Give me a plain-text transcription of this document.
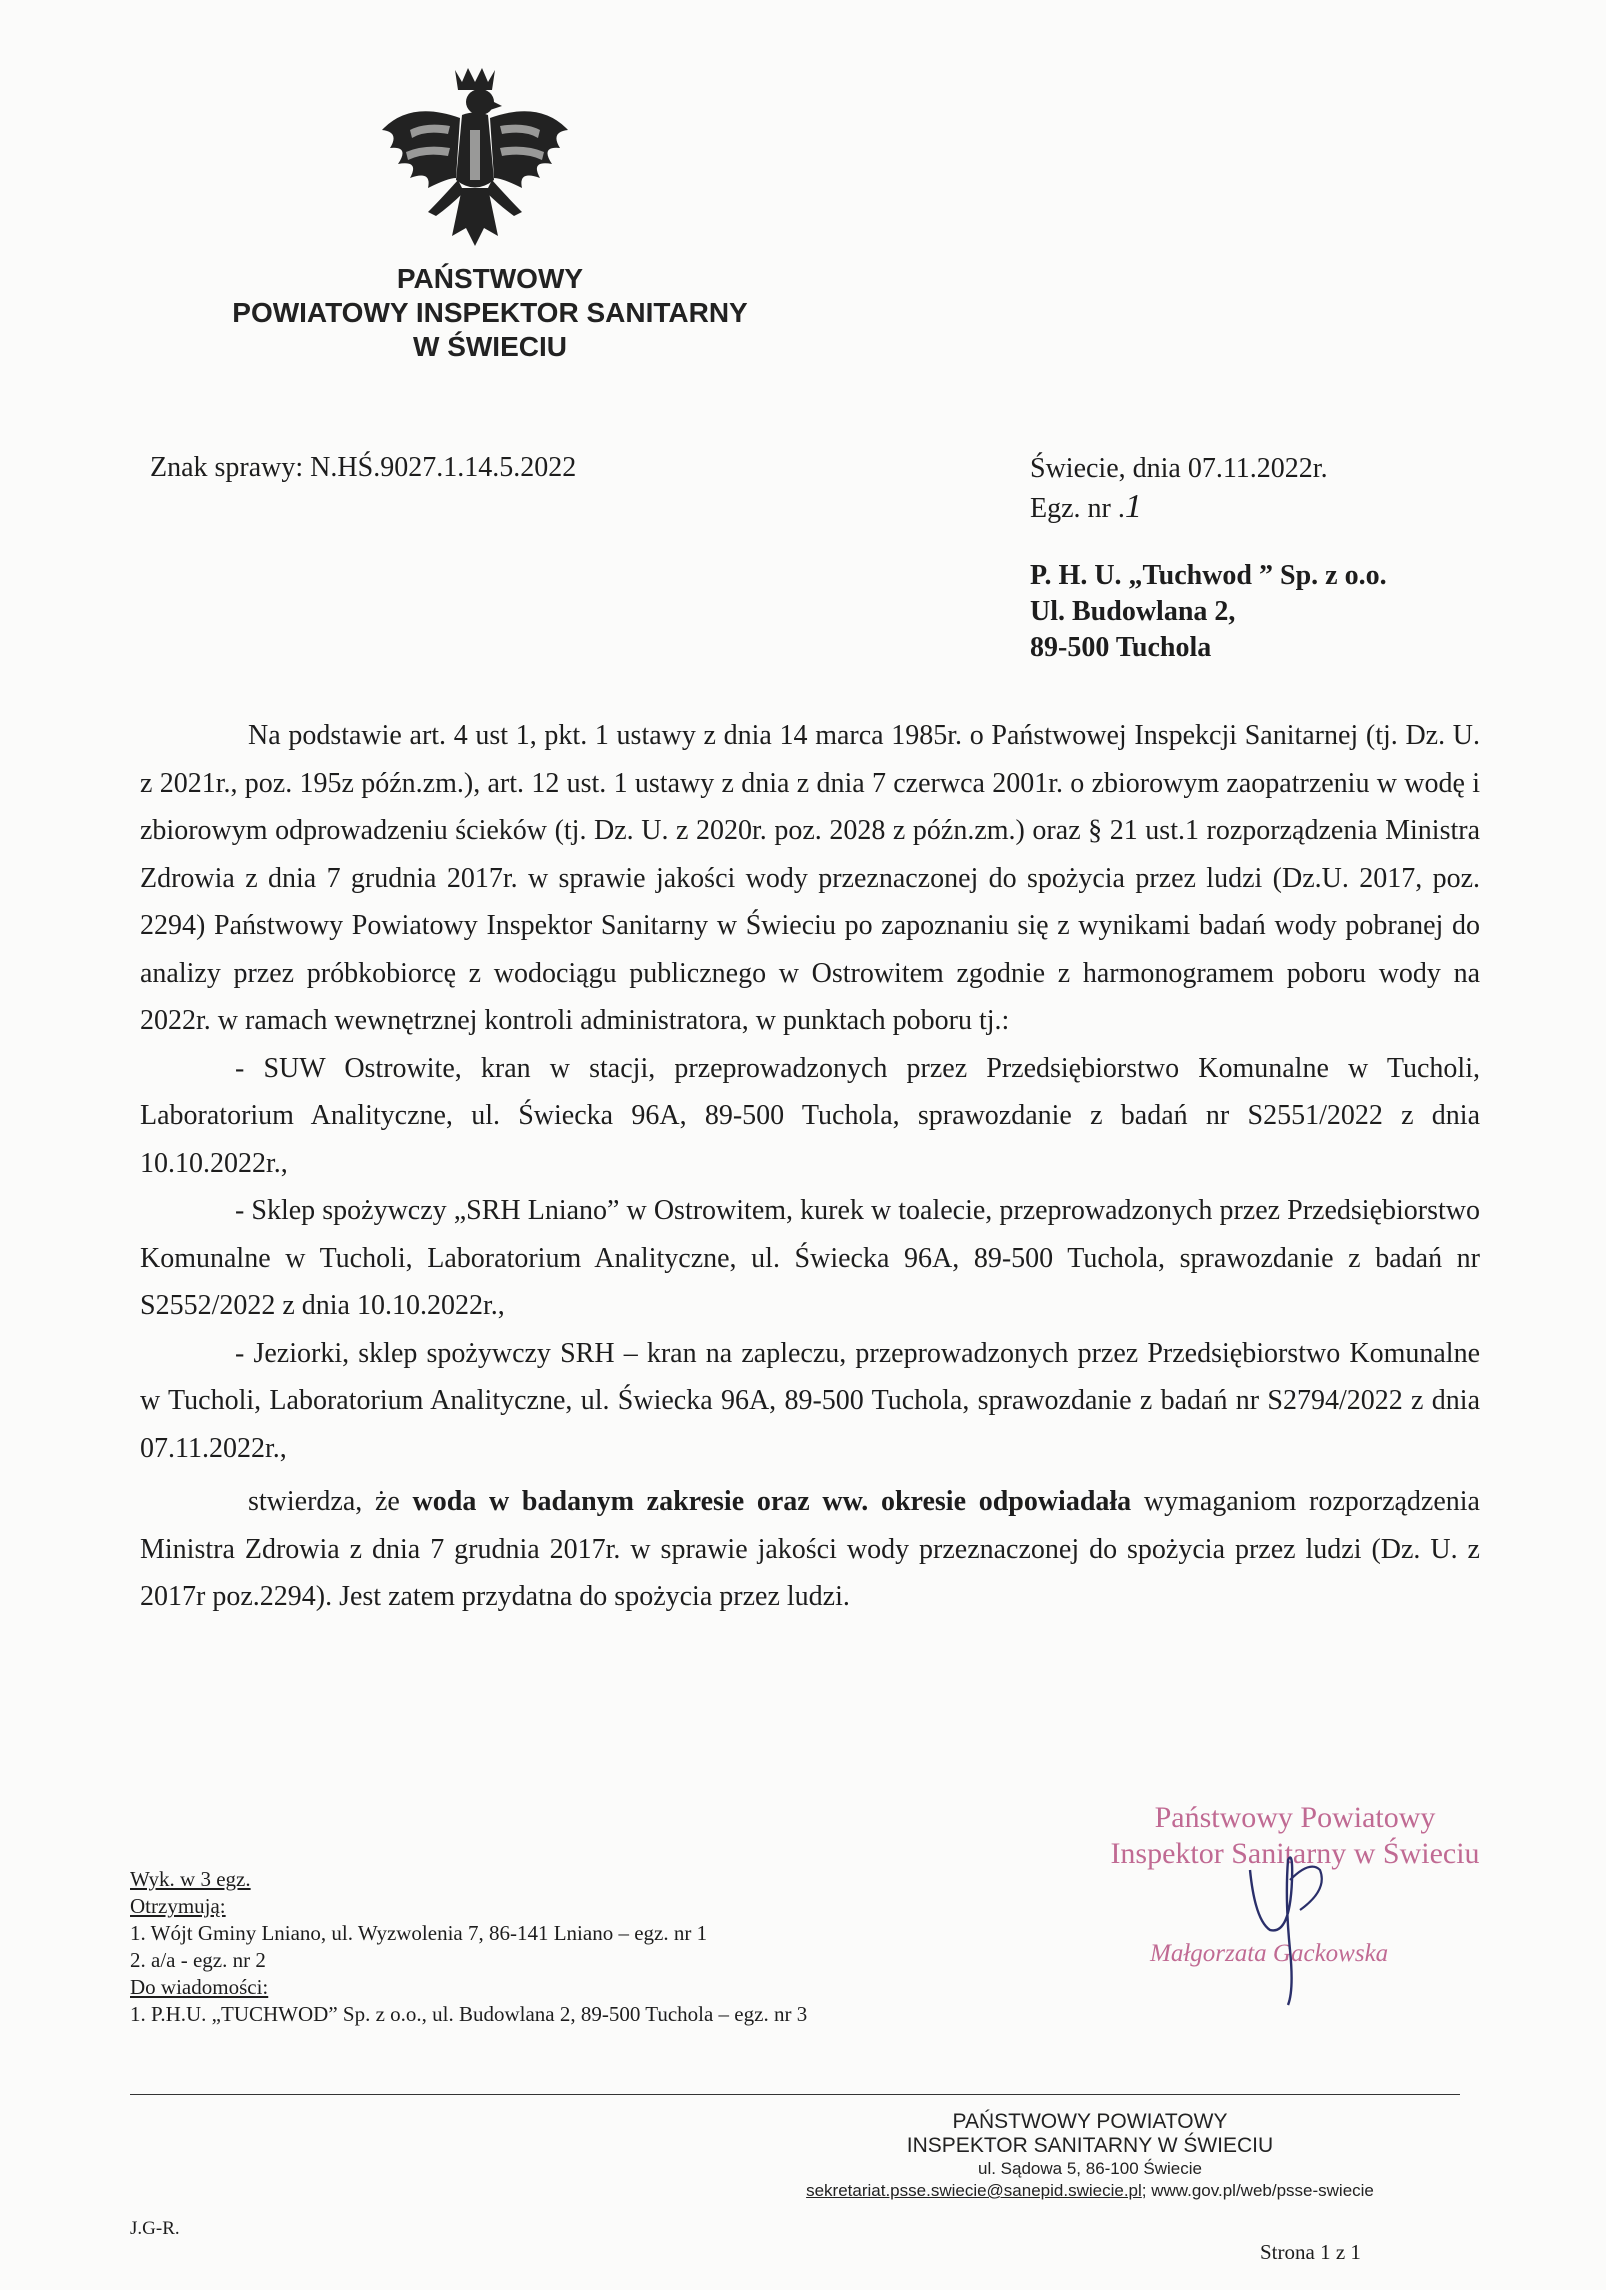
PAŃSTWOWY
POWIATOWY INSPEKTOR SANITARNY
W ŚWIECIU
Znak sprawy: N.HŚ.9027.1.14.5.2022	Świecie, dnia 07.11.2022r.
Egz. nr .1
P. H. U. „Tuchwod ” Sp. z o.o.
Ul. Budowlana 2,
89-500 Tuchola

Na podstawie art. 4 ust 1, pkt. 1 ustawy z dnia 14 marca 1985r. o Państwowej Inspekcji Sanitarnej (tj. Dz. U. z 2021r., poz. 195z późn.zm.), art. 12 ust. 1 ustawy z dnia z dnia 7 czerwca 2001r. o zbiorowym zaopatrzeniu w wodę i zbiorowym odprowadzeniu ścieków (tj. Dz. U. z 2020r. poz. 2028 z późn.zm.) oraz § 21 ust.1 rozporządzenia Ministra Zdrowia z dnia 7 grudnia 2017r. w sprawie jakości wody przeznaczonej do spożycia przez ludzi (Dz.U. 2017, poz. 2294) Państwowy Powiatowy Inspektor Sanitarny w Świeciu po zapoznaniu się z wynikami badań wody pobranej do analizy przez próbkobiorcę z wodociągu publicznego w Ostrowitem zgodnie z harmonogramem poboru wody na 2022r. w ramach wewnętrznej kontroli administratora, w punktach poboru tj.:

- SUW Ostrowite, kran w stacji, przeprowadzonych przez Przedsiębiorstwo Komunalne w Tucholi, Laboratorium Analityczne, ul. Świecka 96A, 89-500 Tuchola, sprawozdanie z badań nr S2551/2022 z dnia 10.10.2022r.,

- Sklep spożywczy „SRH Lniano” w Ostrowitem, kurek w toalecie, przeprowadzonych przez Przedsiębiorstwo Komunalne w Tucholi, Laboratorium Analityczne, ul. Świecka 96A, 89-500 Tuchola, sprawozdanie z badań nr S2552/2022 z dnia 10.10.2022r.,

- Jeziorki, sklep spożywczy SRH – kran na zapleczu, przeprowadzonych przez Przedsiębiorstwo Komunalne w Tucholi, Laboratorium Analityczne, ul. Świecka 96A, 89-500 Tuchola, sprawozdanie z badań nr S2794/2022 z dnia 07.11.2022r.,

stwierdza, że woda w badanym zakresie oraz ww. okresie odpowiadała wymaganiom rozporządzenia Ministra Zdrowia z dnia 7 grudnia 2017r. w sprawie jakości wody przeznaczonej do spożycia przez ludzi (Dz. U. z 2017r poz.2294). Jest zatem przydatna do spożycia przez ludzi.

Wyk. w 3 egz.
Otrzymują:
1. Wójt Gminy Lniano, ul. Wyzwolenia 7, 86-141 Lniano – egz. nr 1
2. a/a - egz. nr 2
Do wiadomości:
1. P.H.U. „TUCHWOD” Sp. z o.o., ul. Budowlana 2, 89-500 Tuchola – egz. nr 3
Państwowy Powiatowy
Inspektor Sanitarny w Świeciu
Małgorzata Gackowska
PAŃSTWOWY POWIATOWY
INSPEKTOR SANITARNY W ŚWIECIU
ul. Sądowa 5, 86-100 Świecie
sekretariat.psse.swiecie@sanepid.swiecie.pl; www.gov.pl/web/psse-swiecie
J.G-R.
Strona 1 z 1
